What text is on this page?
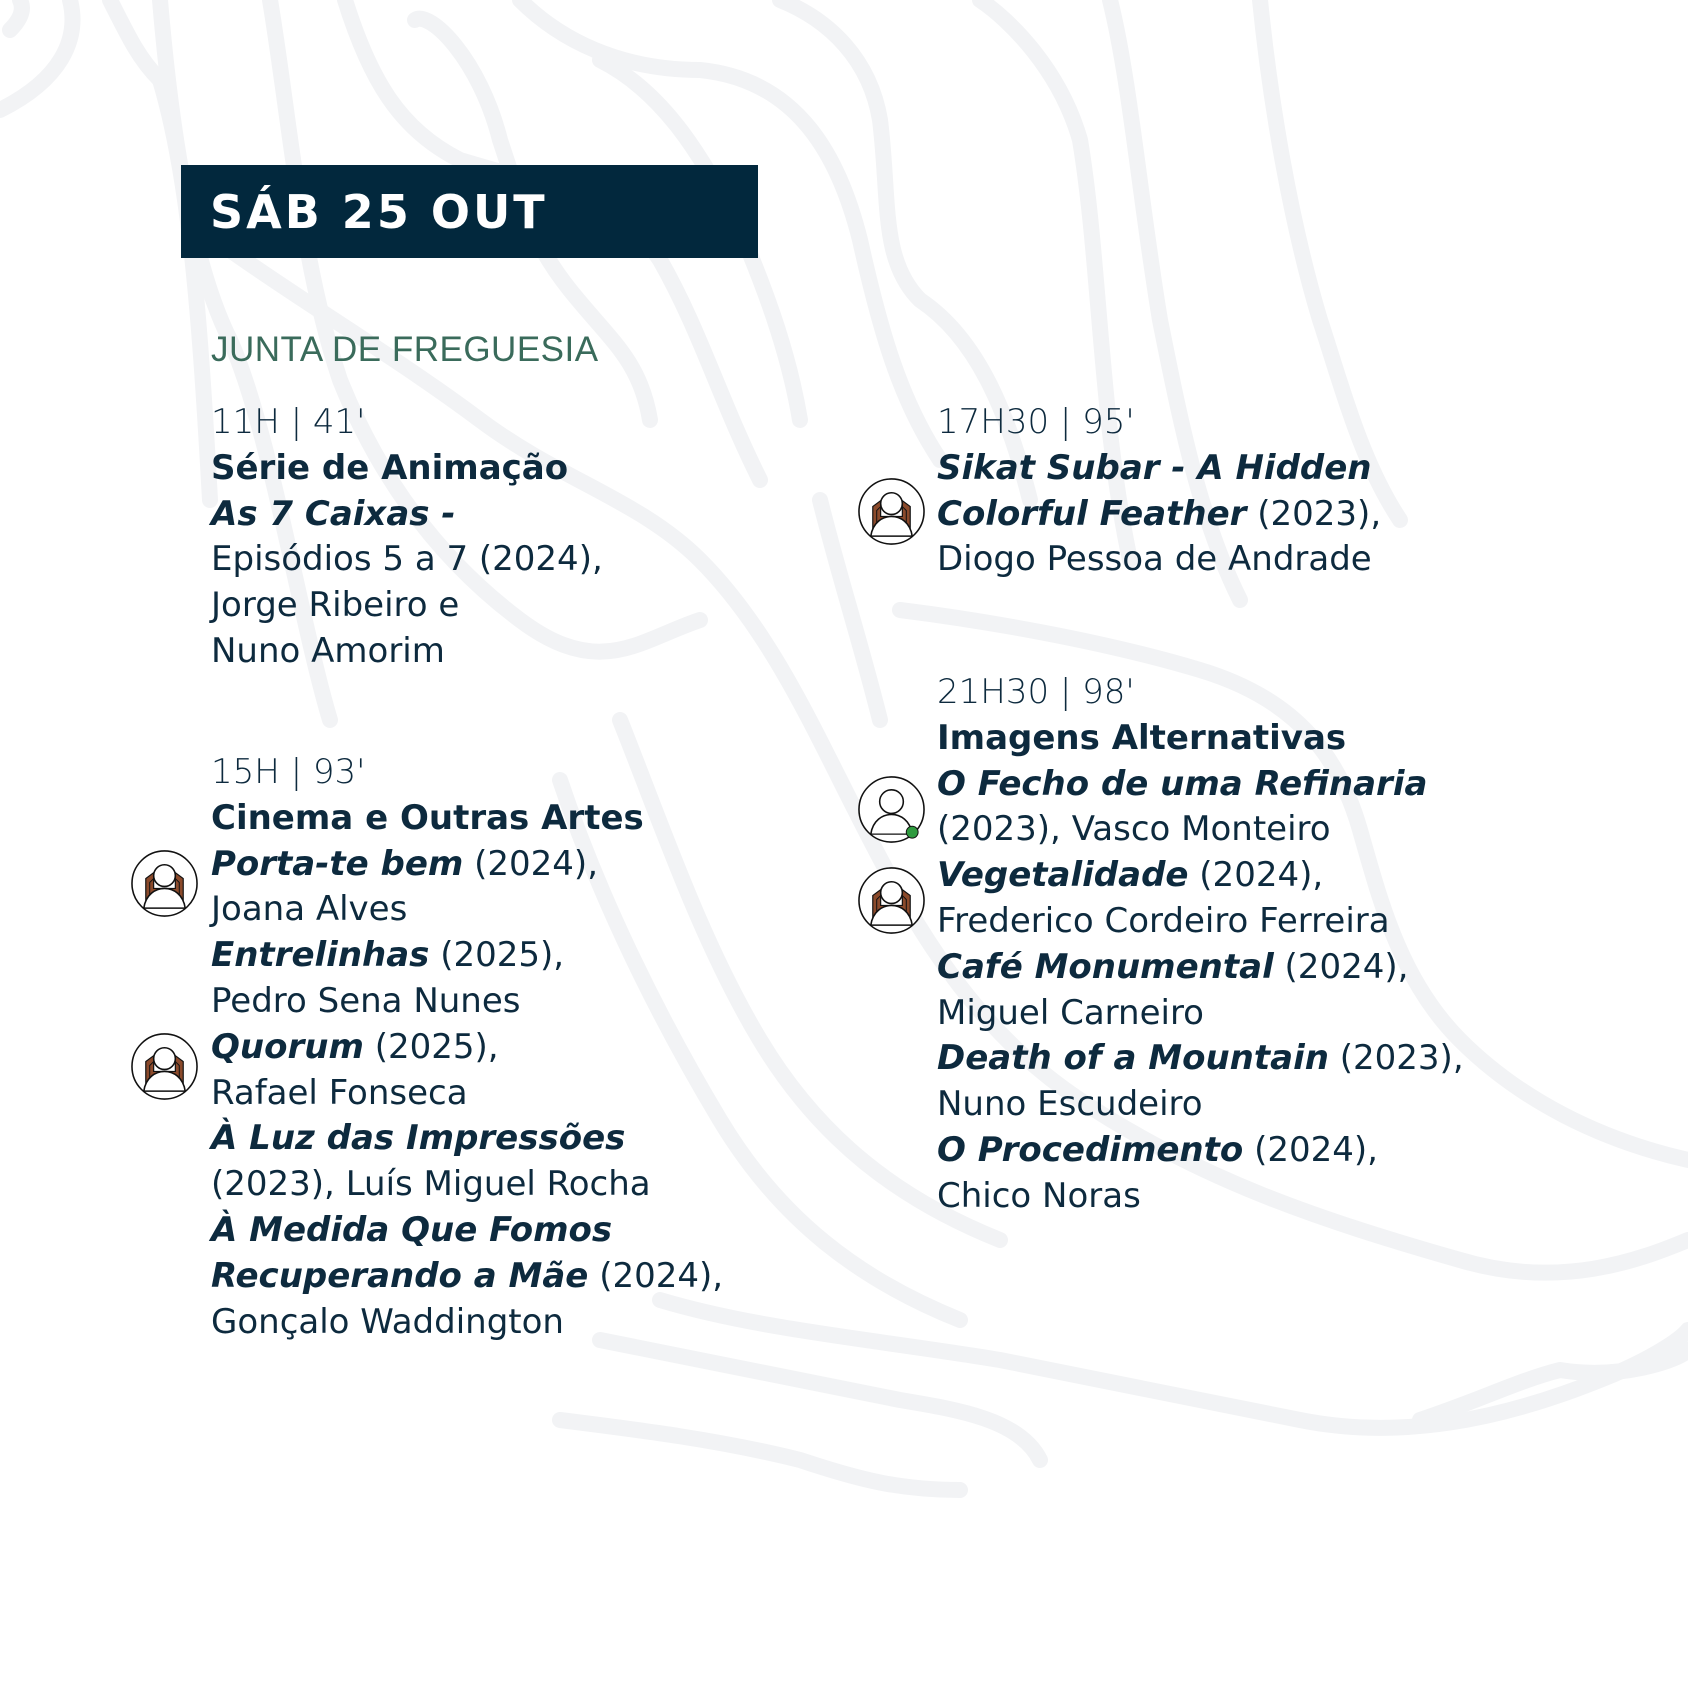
SÁB 25 OUT
JUNTA DE FREGUESIA
11H | 41'
Série de Animação
As 7 Caixas -
Episódios 5 a 7 (2024),
Jorge Ribeiro e
Nuno Amorim
15H | 93'
Cinema e Outras Artes
Porta-te bem (2024),
Joana Alves
Entrelinhas (2025),
Pedro Sena Nunes
Quorum (2025),
Rafael Fonseca
À Luz das Impressões
(2023), Luís Miguel Rocha
À Medida Que Fomos
Recuperando a Mãe (2024),
Gonçalo Waddington
17H30 | 95'
Sikat Subar - A Hidden
Colorful Feather (2023),
Diogo Pessoa de Andrade
21H30 | 98'
Imagens Alternativas
O Fecho de uma Refinaria
(2023), Vasco Monteiro
Vegetalidade (2024),
Frederico Cordeiro Ferreira
Café Monumental (2024),
Miguel Carneiro
Death of a Mountain (2023),
Nuno Escudeiro
O Procedimento (2024),
Chico Noras
